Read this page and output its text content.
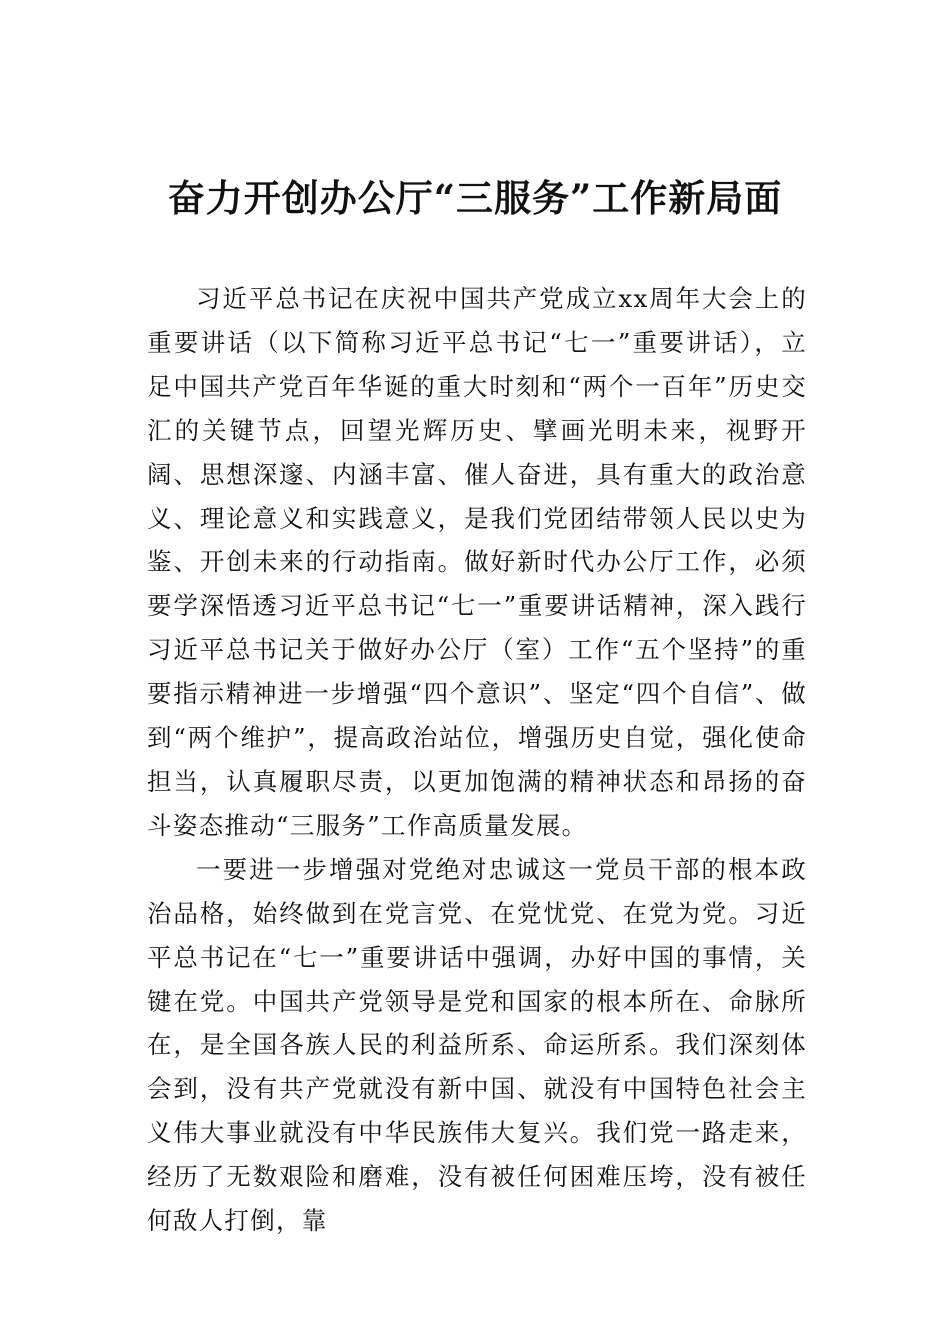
奋力开创办公厅“三服务”工作新局面

习近平总书记在庆祝中国共产党成立xx周年大会上的重要讲话（以下简称习近平总书记“七一”重要讲话），立足中国共产党百年华诞的重大时刻和“两个一百年”历史交汇的关键节点，回望光辉历史、擘画光明未来，视野开阔、思想深邃、内涵丰富、催人奋进，具有重大的政治意义、理论意义和实践意义，是我们党团结带领人民以史为鉴、开创未来的行动指南。做好新时代办公厅工作，必须要学深悟透习近平总书记“七一”重要讲话精神，深入践行习近平总书记关于做好办公厅（室）工作“五个坚持”的重要指示精神进一步增强“四个意识”、坚定“四个自信”、做到“两个维护”，提高政治站位，增强历史自觉，强化使命担当，认真履职尽责，以更加饱满的精神状态和昂扬的奋斗姿态推动“三服务”工作高质量发展。

一要进一步增强对党绝对忠诚这一党员干部的根本政治品格，始终做到在党言党、在党忧党、在党为党。习近平总书记在“七一”重要讲话中强调，办好中国的事情，关键在党。中国共产党领导是党和国家的根本所在、命脉所在，是全国各族人民的利益所系、命运所系。我们深刻体会到，没有共产党就没有新中国、就没有中国特色社会主义伟大事业就没有中华民族伟大复兴。我们党一路走来，经历了无数艰险和磨难，没有被任何困难压垮，没有被任何敌人打倒，靠
